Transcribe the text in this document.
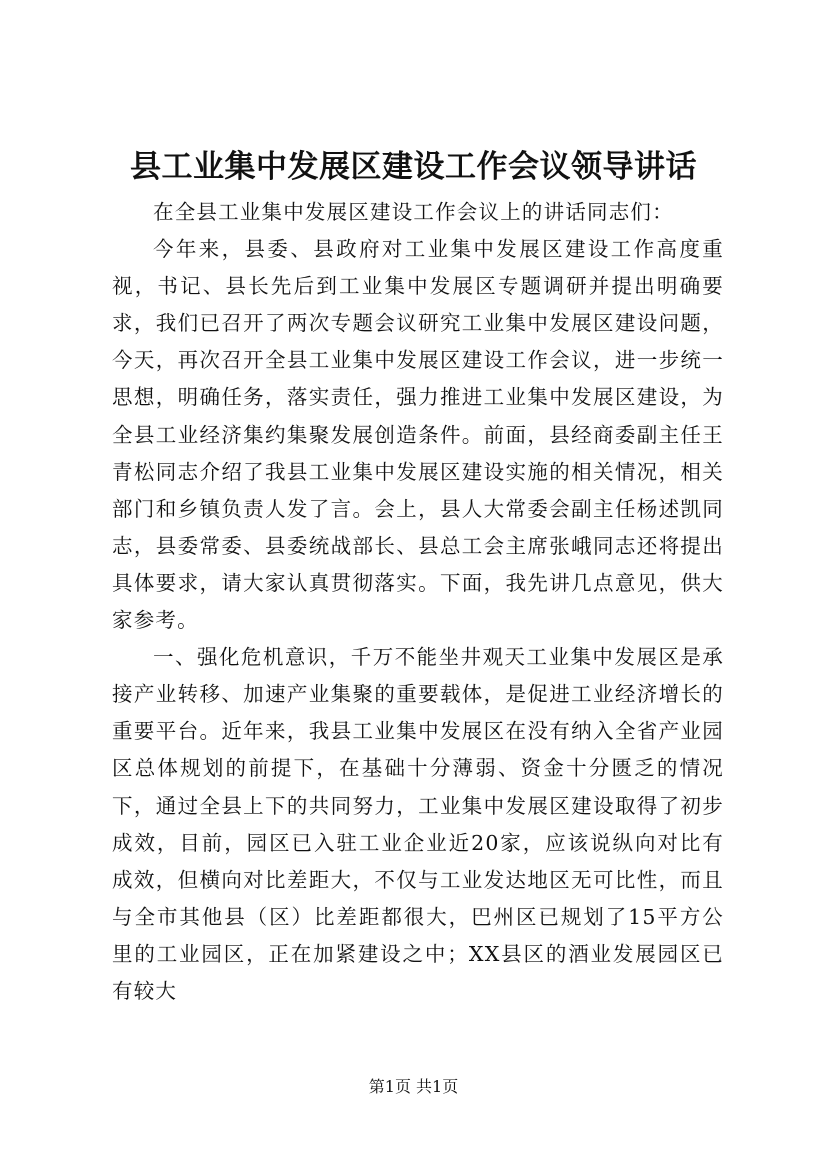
县工业集中发展区建设工作会议领导讲话

在全县工业集中发展区建设工作会议上的讲话同志们：

今年来，县委、县政府对工业集中发展区建设工作高度重视，书记、县长先后到工业集中发展区专题调研并提出明确要求，我们已召开了两次专题会议研究工业集中发展区建设问题，今天，再次召开全县工业集中发展区建设工作会议，进一步统一思想，明确任务，落实责任，强力推进工业集中发展区建设，为全县工业经济集约集聚发展创造条件。前面，县经商委副主任王青松同志介绍了我县工业集中发展区建设实施的相关情况，相关部门和乡镇负责人发了言。会上，县人大常委会副主任杨述凯同志，县委常委、县委统战部长、县总工会主席张峨同志还将提出具体要求，请大家认真贯彻落实。下面，我先讲几点意见，供大家参考。

一、强化危机意识，千万不能坐井观天工业集中发展区是承接产业转移、加速产业集聚的重要载体，是促进工业经济增长的重要平台。近年来，我县工业集中发展区在没有纳入全省产业园区总体规划的前提下，在基础十分薄弱、资金十分匮乏的情况下，通过全县上下的共同努力，工业集中发展区建设取得了初步成效，目前，园区已入驻工业企业近20家，应该说纵向对比有成效，但横向对比差距大，不仅与工业发达地区无可比性，而且与全市其他县（区）比差距都很大，巴州区已规划了15平方公里的工业园区，正在加紧建设之中；XX县区的酒业发展园区已有较大

第1页 共1页
